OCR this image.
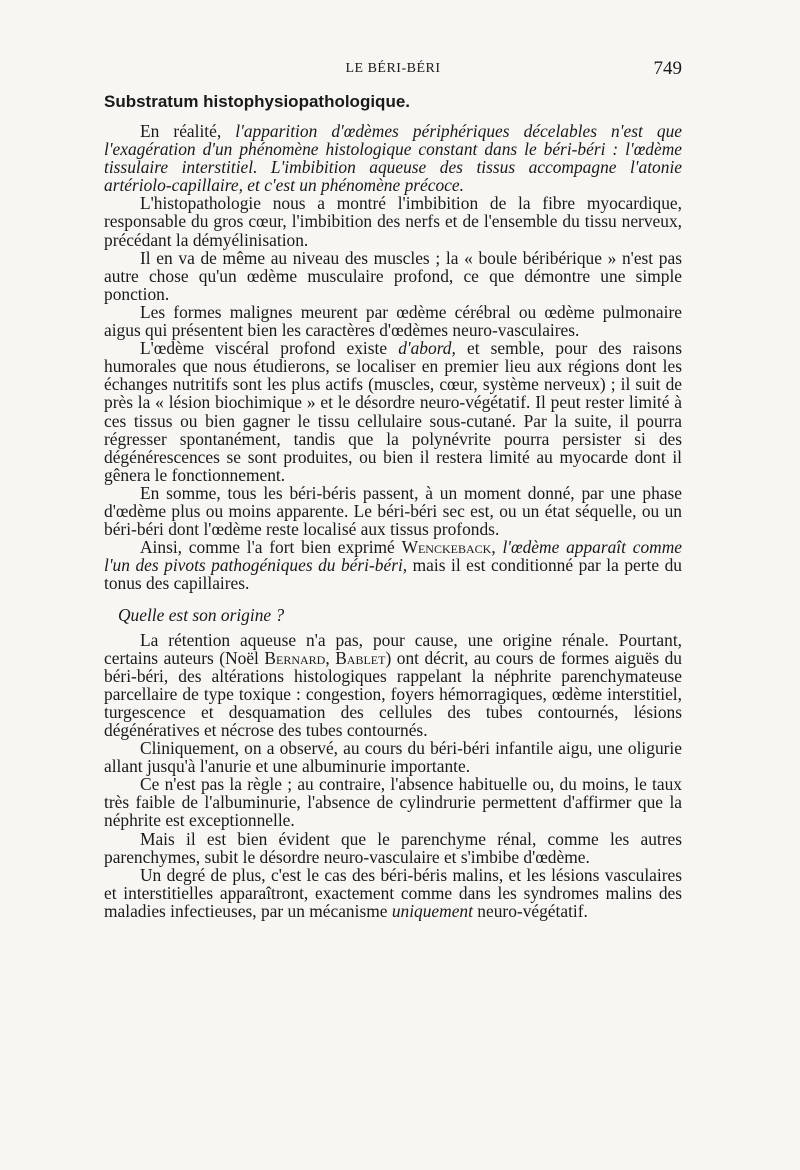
LE BÉRI-BÉRI	749
Substratum histophysiopathologique.

En réalité, l'apparition d'œdèmes périphériques décelables n'est que l'exagération d'un phénomène histologique constant dans le béri-béri : l'œdème tissulaire interstitiel. L'imbibition aqueuse des tissus accompagne l'atonie artériolo-capillaire, et c'est un phénomène précoce.

L'histopathologie nous a montré l'imbibition de la fibre myocardique, responsable du gros cœur, l'imbibition des nerfs et de l'ensemble du tissu nerveux, précédant la démyélinisation.

Il en va de même au niveau des muscles ; la « boule béribérique » n'est pas autre chose qu'un œdème musculaire profond, ce que démontre une simple ponction.

Les formes malignes meurent par œdème cérébral ou œdème pulmonaire aigus qui présentent bien les caractères d'œdèmes neuro-vasculaires.

L'œdème viscéral profond existe d'abord, et semble, pour des raisons humorales que nous étudierons, se localiser en premier lieu aux régions dont les échanges nutritifs sont les plus actifs (muscles, cœur, système nerveux) ; il suit de près la « lésion biochimique » et le désordre neuro-végétatif. Il peut rester limité à ces tissus ou bien gagner le tissu cellulaire sous-cutané. Par la suite, il pourra régresser spontanément, tandis que la polynévrite pourra persister si des dégénérescences se sont produites, ou bien il restera limité au myocarde dont il gênera le fonctionnement.

En somme, tous les béri-béris passent, à un moment donné, par une phase d'œdème plus ou moins apparente. Le béri-béri sec est, ou un état séquelle, ou un béri-béri dont l'œdème reste localisé aux tissus profonds.

Ainsi, comme l'a fort bien exprimé Wenckeback, l'œdème apparaît comme l'un des pivots pathogéniques du béri-béri, mais il est conditionné par la perte du tonus des capillaires.

Quelle est son origine ?

La rétention aqueuse n'a pas, pour cause, une origine rénale. Pourtant, certains auteurs (Noël Bernard, Bablet) ont décrit, au cours de formes aiguës du béri-béri, des altérations histologiques rappelant la néphrite parenchymateuse parcellaire de type toxique : congestion, foyers hémorragiques, œdème interstitiel, turgescence et desquamation des cellules des tubes contournés, lésions dégénératives et nécrose des tubes contournés.

Cliniquement, on a observé, au cours du béri-béri infantile aigu, une oligurie allant jusqu'à l'anurie et une albuminurie importante.

Ce n'est pas la règle ; au contraire, l'absence habituelle ou, du moins, le taux très faible de l'albuminurie, l'absence de cylindrurie permettent d'affirmer que la néphrite est exceptionnelle.

Mais il est bien évident que le parenchyme rénal, comme les autres parenchymes, subit le désordre neuro-vasculaire et s'imbibe d'œdème.

Un degré de plus, c'est le cas des béri-béris malins, et les lésions vasculaires et interstitielles apparaîtront, exactement comme dans les syndromes malins des maladies infectieuses, par un mécanisme uniquement neuro-végétatif.
